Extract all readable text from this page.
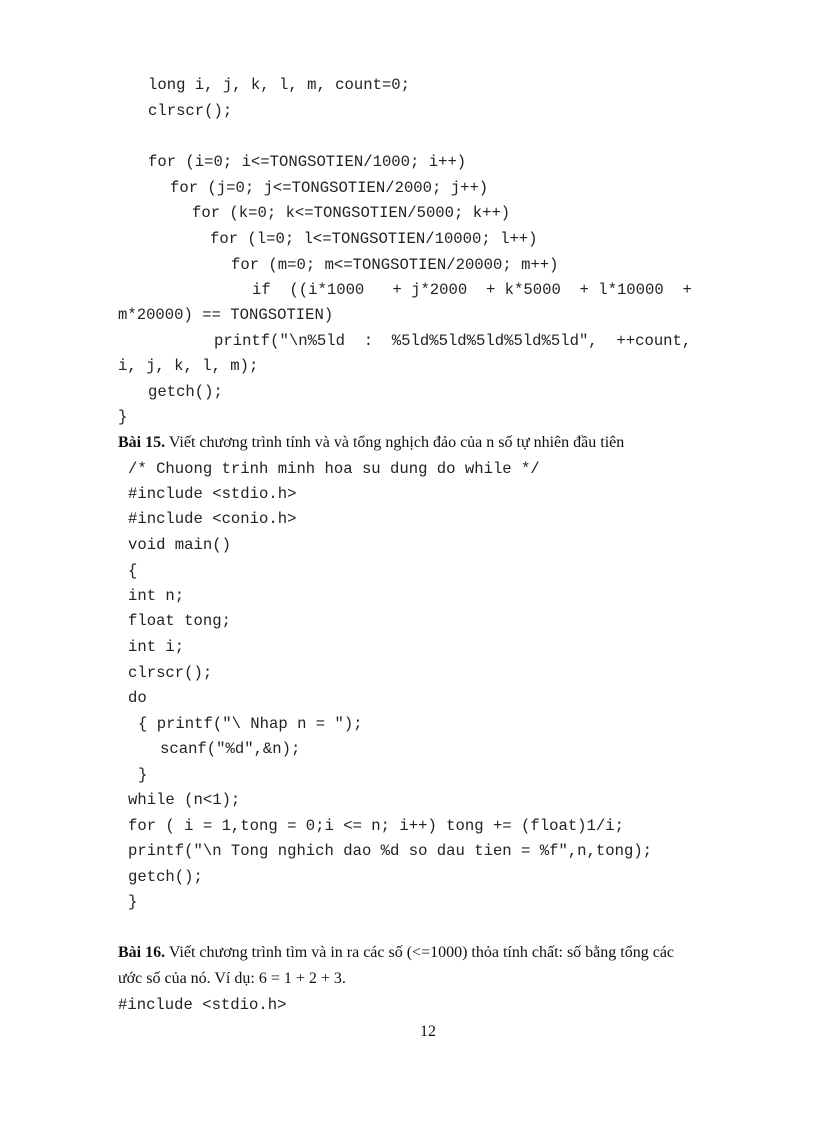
long i, j, k, l, m, count=0;
clrscr();
for (i=0; i<=TONGSOTIEN/1000; i++)
for (j=0; j<=TONGSOTIEN/2000; j++)
for (k=0; k<=TONGSOTIEN/5000; k++)
for (l=0; l<=TONGSOTIEN/10000; l++)
for (m=0; m<=TONGSOTIEN/20000; m++)
if  ((i*1000   + j*2000  + k*5000  + l*10000  +
m*20000) == TONGSOTIEN)
printf("\n%5ld  :  %5ld%5ld%5ld%5ld%5ld",  ++count,
i, j, k, l, m);
getch();
}
Bài 15. Viết chương trình tính và và tổng nghịch đảo của n số tự nhiên đầu tiên
/* Chuong trinh minh hoa su dung do while */
#include <stdio.h>
#include <conio.h>
void main()
{
int n;
float tong;
int i;
clrscr();
do
{ printf("\ Nhap n = ");
scanf("%d",&n);
}
while (n<1);
for ( i = 1,tong = 0;i <= n; i++) tong += (float)1/i;
printf("\n Tong nghich dao %d so dau tien = %f",n,tong);
getch();
}
Bài 16. Viết chương trình tìm và in ra các số (<=1000) thỏa tính chất: số bằng tổng các
ước số của nó. Ví dụ: 6 = 1 + 2 + 3.
#include <stdio.h>
12
